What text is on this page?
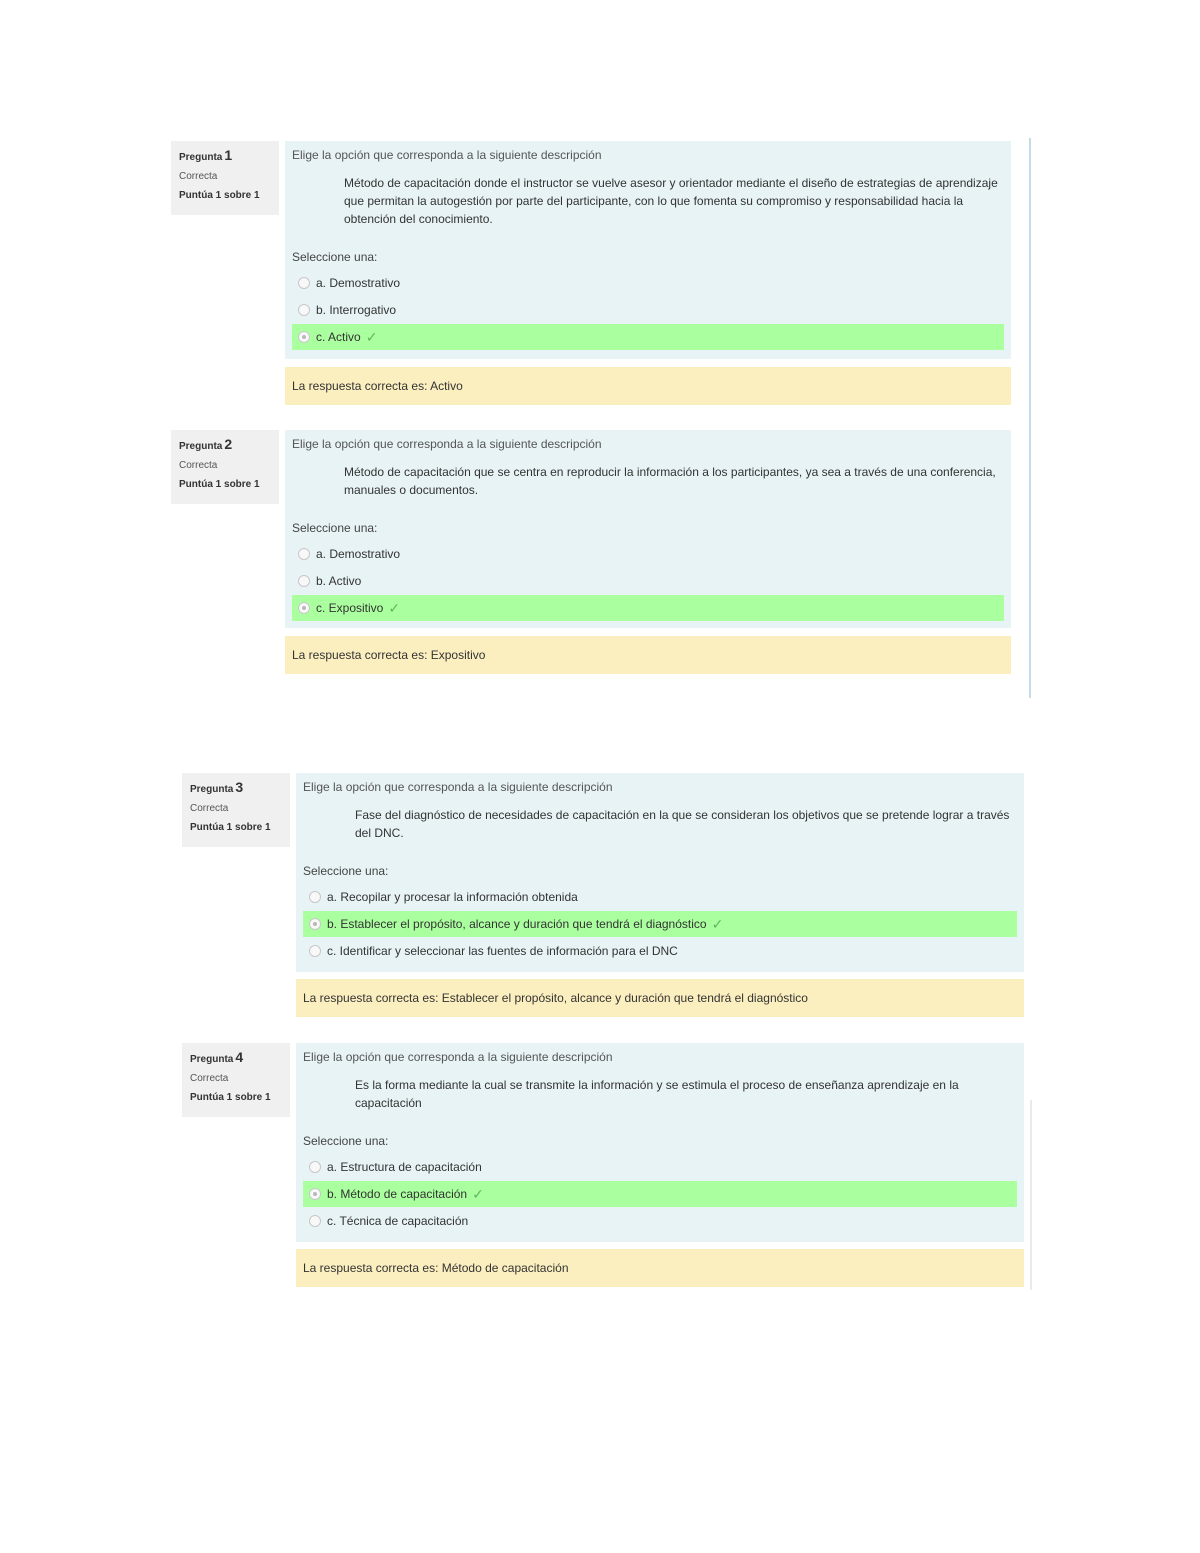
Pregunta 1
Correcta
Puntúa 1 sobre 1
Elige la opción que corresponda a la siguiente descripción
Método de capacitación donde el instructor se vuelve asesor y orientador mediante el diseño de estrategias de aprendizaje que permitan la autogestión por parte del participante, con lo que fomenta su compromiso y responsabilidad hacia la obtención del conocimiento.
Seleccione una:
a. Demostrativo
b. Interrogativo
c. Activo ✓
La respuesta correcta es: Activo
Pregunta 2
Correcta
Puntúa 1 sobre 1
Elige la opción que corresponda a la siguiente descripción
Método de capacitación que se centra en reproducir la información a los participantes, ya sea a través de una conferencia, manuales o documentos.
Seleccione una:
a. Demostrativo
b. Activo
c. Expositivo ✓
La respuesta correcta es: Expositivo
Pregunta 3
Correcta
Puntúa 1 sobre 1
Elige la opción que corresponda a la siguiente descripción
Fase del diagnóstico de necesidades de capacitación en la que se consideran los objetivos que se pretende lograr a través del DNC.
Seleccione una:
a. Recopilar y procesar la información obtenida
b. Establecer el propósito, alcance y duración que tendrá el diagnóstico ✓
c. Identificar y seleccionar las fuentes de información para el DNC
La respuesta correcta es: Establecer el propósito, alcance y duración que tendrá el diagnóstico
Pregunta 4
Correcta
Puntúa 1 sobre 1
Elige la opción que corresponda a la siguiente descripción
Es la forma mediante la cual se transmite la información y se estimula el proceso de enseñanza aprendizaje en la capacitación
Seleccione una:
a. Estructura de capacitación
b. Método de capacitación ✓
c. Técnica de capacitación
La respuesta correcta es: Método de capacitación
